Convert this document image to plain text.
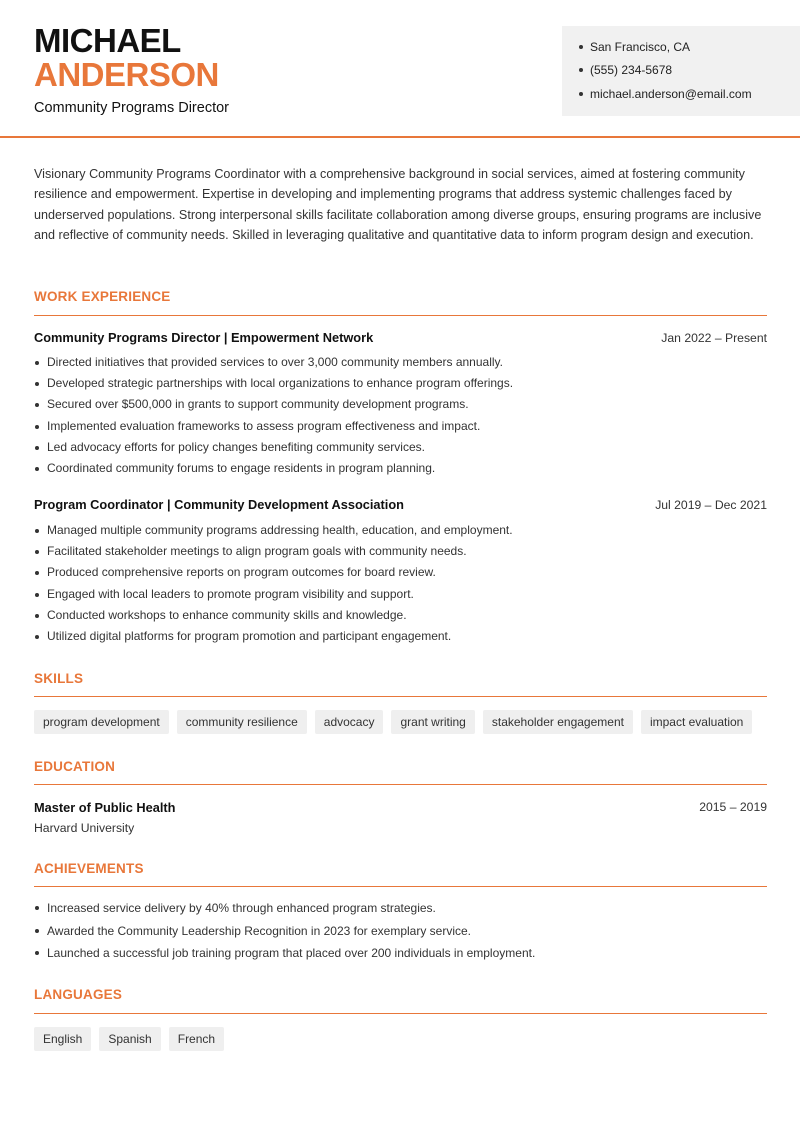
MICHAEL
ANDERSON
Community Programs Director
San Francisco, CA
(555) 234-5678
michael.anderson@email.com

Visionary Community Programs Coordinator with a comprehensive background in social services, aimed at fostering community resilience and empowerment. Expertise in developing and implementing programs that address systemic challenges faced by underserved populations. Strong interpersonal skills facilitate collaboration among diverse groups, ensuring programs are inclusive and reflective of community needs. Skilled in leveraging qualitative and quantitative data to inform program design and execution.

WORK EXPERIENCE
Community Programs Director | Empowerment Network	Jan 2022 – Present
Directed initiatives that provided services to over 3,000 community members annually.
Developed strategic partnerships with local organizations to enhance program offerings.
Secured over $500,000 in grants to support community development programs.
Implemented evaluation frameworks to assess program effectiveness and impact.
Led advocacy efforts for policy changes benefiting community services.
Coordinated community forums to engage residents in program planning.
Program Coordinator | Community Development Association	Jul 2019 – Dec 2021
Managed multiple community programs addressing health, education, and employment.
Facilitated stakeholder meetings to align program goals with community needs.
Produced comprehensive reports on program outcomes for board review.
Engaged with local leaders to promote program visibility and support.
Conducted workshops to enhance community skills and knowledge.
Utilized digital platforms for program promotion and participant engagement.
SKILLS
program development	community resilience	advocacy	grant writing	stakeholder engagement	impact evaluation
EDUCATION
Master of Public Health	2015 – 2019
Harvard University
ACHIEVEMENTS
Increased service delivery by 40% through enhanced program strategies.
Awarded the Community Leadership Recognition in 2023 for exemplary service.
Launched a successful job training program that placed over 200 individuals in employment.
LANGUAGES
English	Spanish	French
